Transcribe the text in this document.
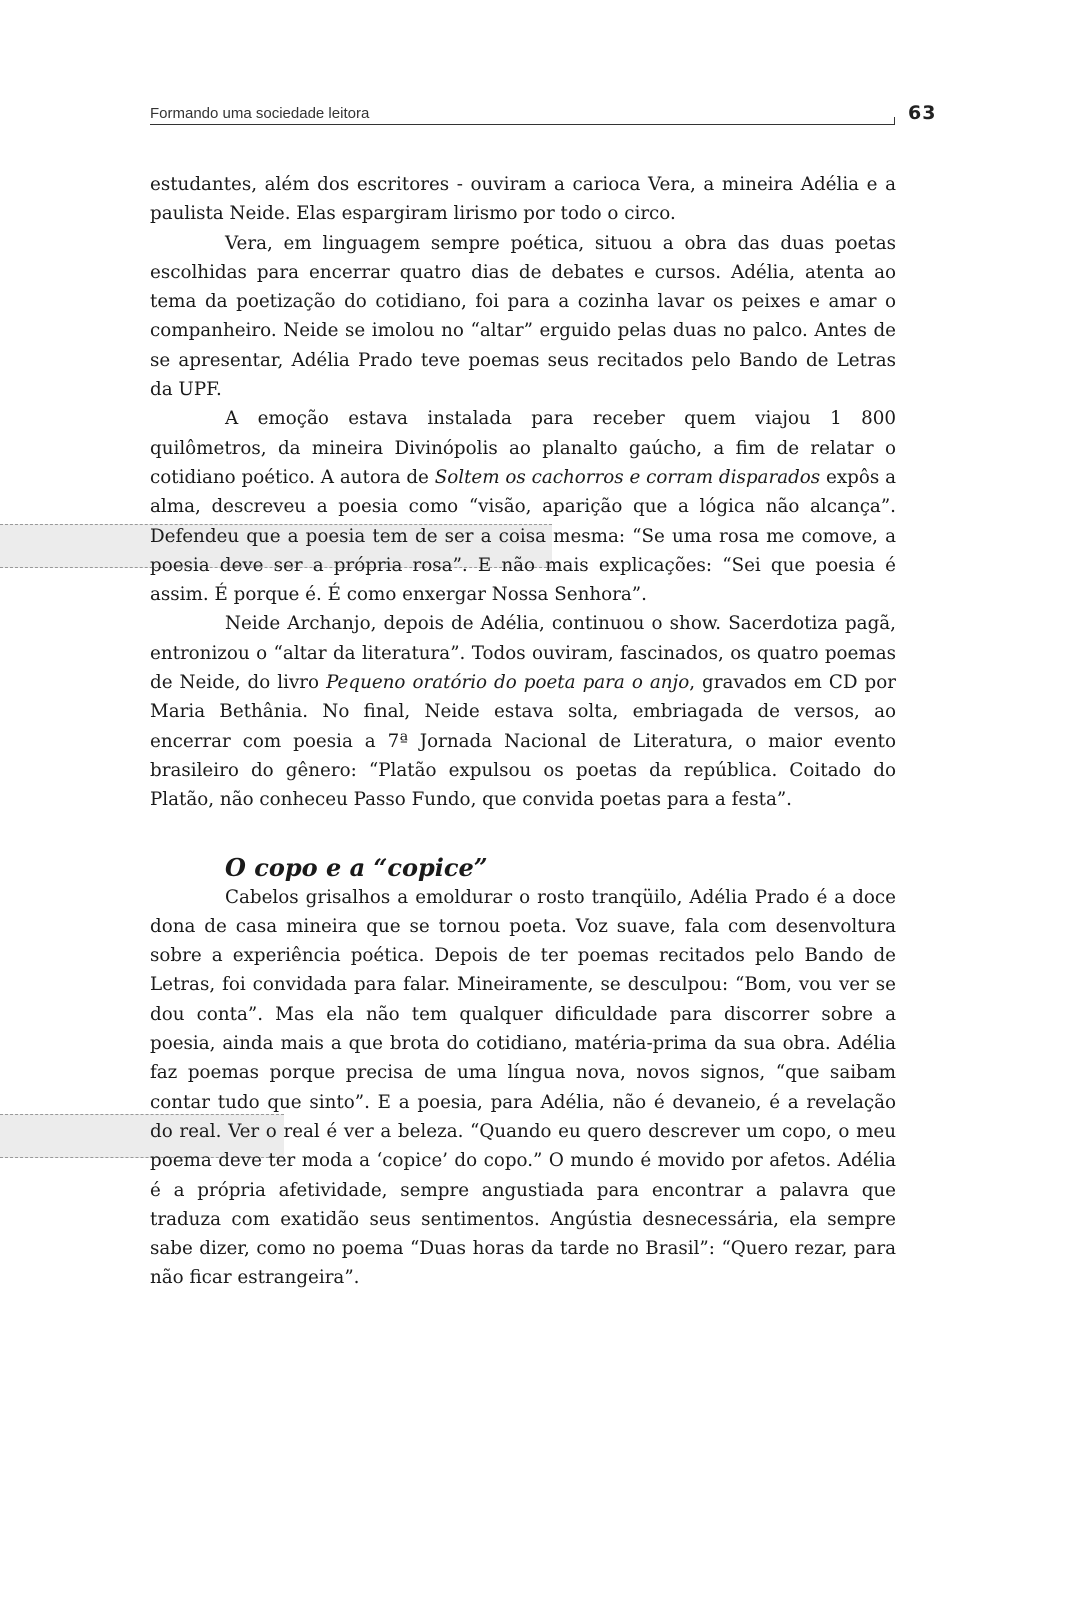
Formando uma sociedade leitora	63

estudantes, além dos escritores - ouviram a carioca Vera, a mineira Adélia e a paulista Neide. Elas espargiram lirismo por todo o circo.

Vera, em linguagem sempre poética, situou a obra das duas poetas escolhidas para encerrar quatro dias de debates e cursos. Adélia, atenta ao tema da poetização do cotidiano, foi para a cozinha lavar os peixes e amar o companheiro. Neide se imolou no “altar” erguido pelas duas no palco. Antes de se apresentar, Adélia Prado teve poemas seus recitados pelo Bando de Letras da UPF.

A emoção estava instalada para receber quem viajou 1 800 quilômetros, da mineira Divinópolis ao planalto gaúcho, a fim de relatar o cotidiano poético. A autora de Soltem os cachorros e corram disparados expôs a alma, descreveu a poesia como “visão, aparição que a lógica não alcança”. Defendeu que a poesia tem de ser a coisa mesma: “Se uma rosa me comove, a poesia deve ser a própria rosa”. E não mais explicações: “Sei que poesia é assim. É porque é. É como enxergar Nossa Senhora”.

Neide Archanjo, depois de Adélia, continuou o show. Sacerdotiza pagã, entronizou o “altar da literatura”. Todos ouviram, fascinados, os quatro poemas de Neide, do livro Pequeno oratório do poeta para o anjo, gravados em CD por Maria Bethânia. No final, Neide estava solta, embriagada de versos, ao encerrar com poesia a 7ª Jornada Nacional de Literatura, o maior evento brasileiro do gênero: “Platão expulsou os poetas da república. Coitado do Platão, não conheceu Passo Fundo, que convida poetas para a festa”.

O copo e a “copice”

Cabelos grisalhos a emoldurar o rosto tranqüilo, Adélia Prado é a doce dona de casa mineira que se tornou poeta. Voz suave, fala com desenvoltura sobre a experiência poética. Depois de ter poemas recitados pelo Bando de Letras, foi convidada para falar. Mineiramente, se desculpou: “Bom, vou ver se dou conta”. Mas ela não tem qualquer dificuldade para discorrer sobre a poesia, ainda mais a que brota do cotidiano, matéria-prima da sua obra. Adélia faz poemas porque precisa de uma língua nova, novos signos, “que saibam contar tudo que sinto”. E a poesia, para Adélia, não é devaneio, é a revelação do real. Ver o real é ver a beleza. “Quando eu quero descrever um copo, o meu poema deve ter moda a ‘copice’ do copo.” O mundo é movido por afetos. Adélia é a própria afetividade, sempre angustiada para encontrar a palavra que traduza com exatidão seus sentimentos. Angústia desnecessária, ela sempre sabe dizer, como no poema “Duas horas da tarde no Brasil”: “Quero rezar, para não ficar estrangeira”.
